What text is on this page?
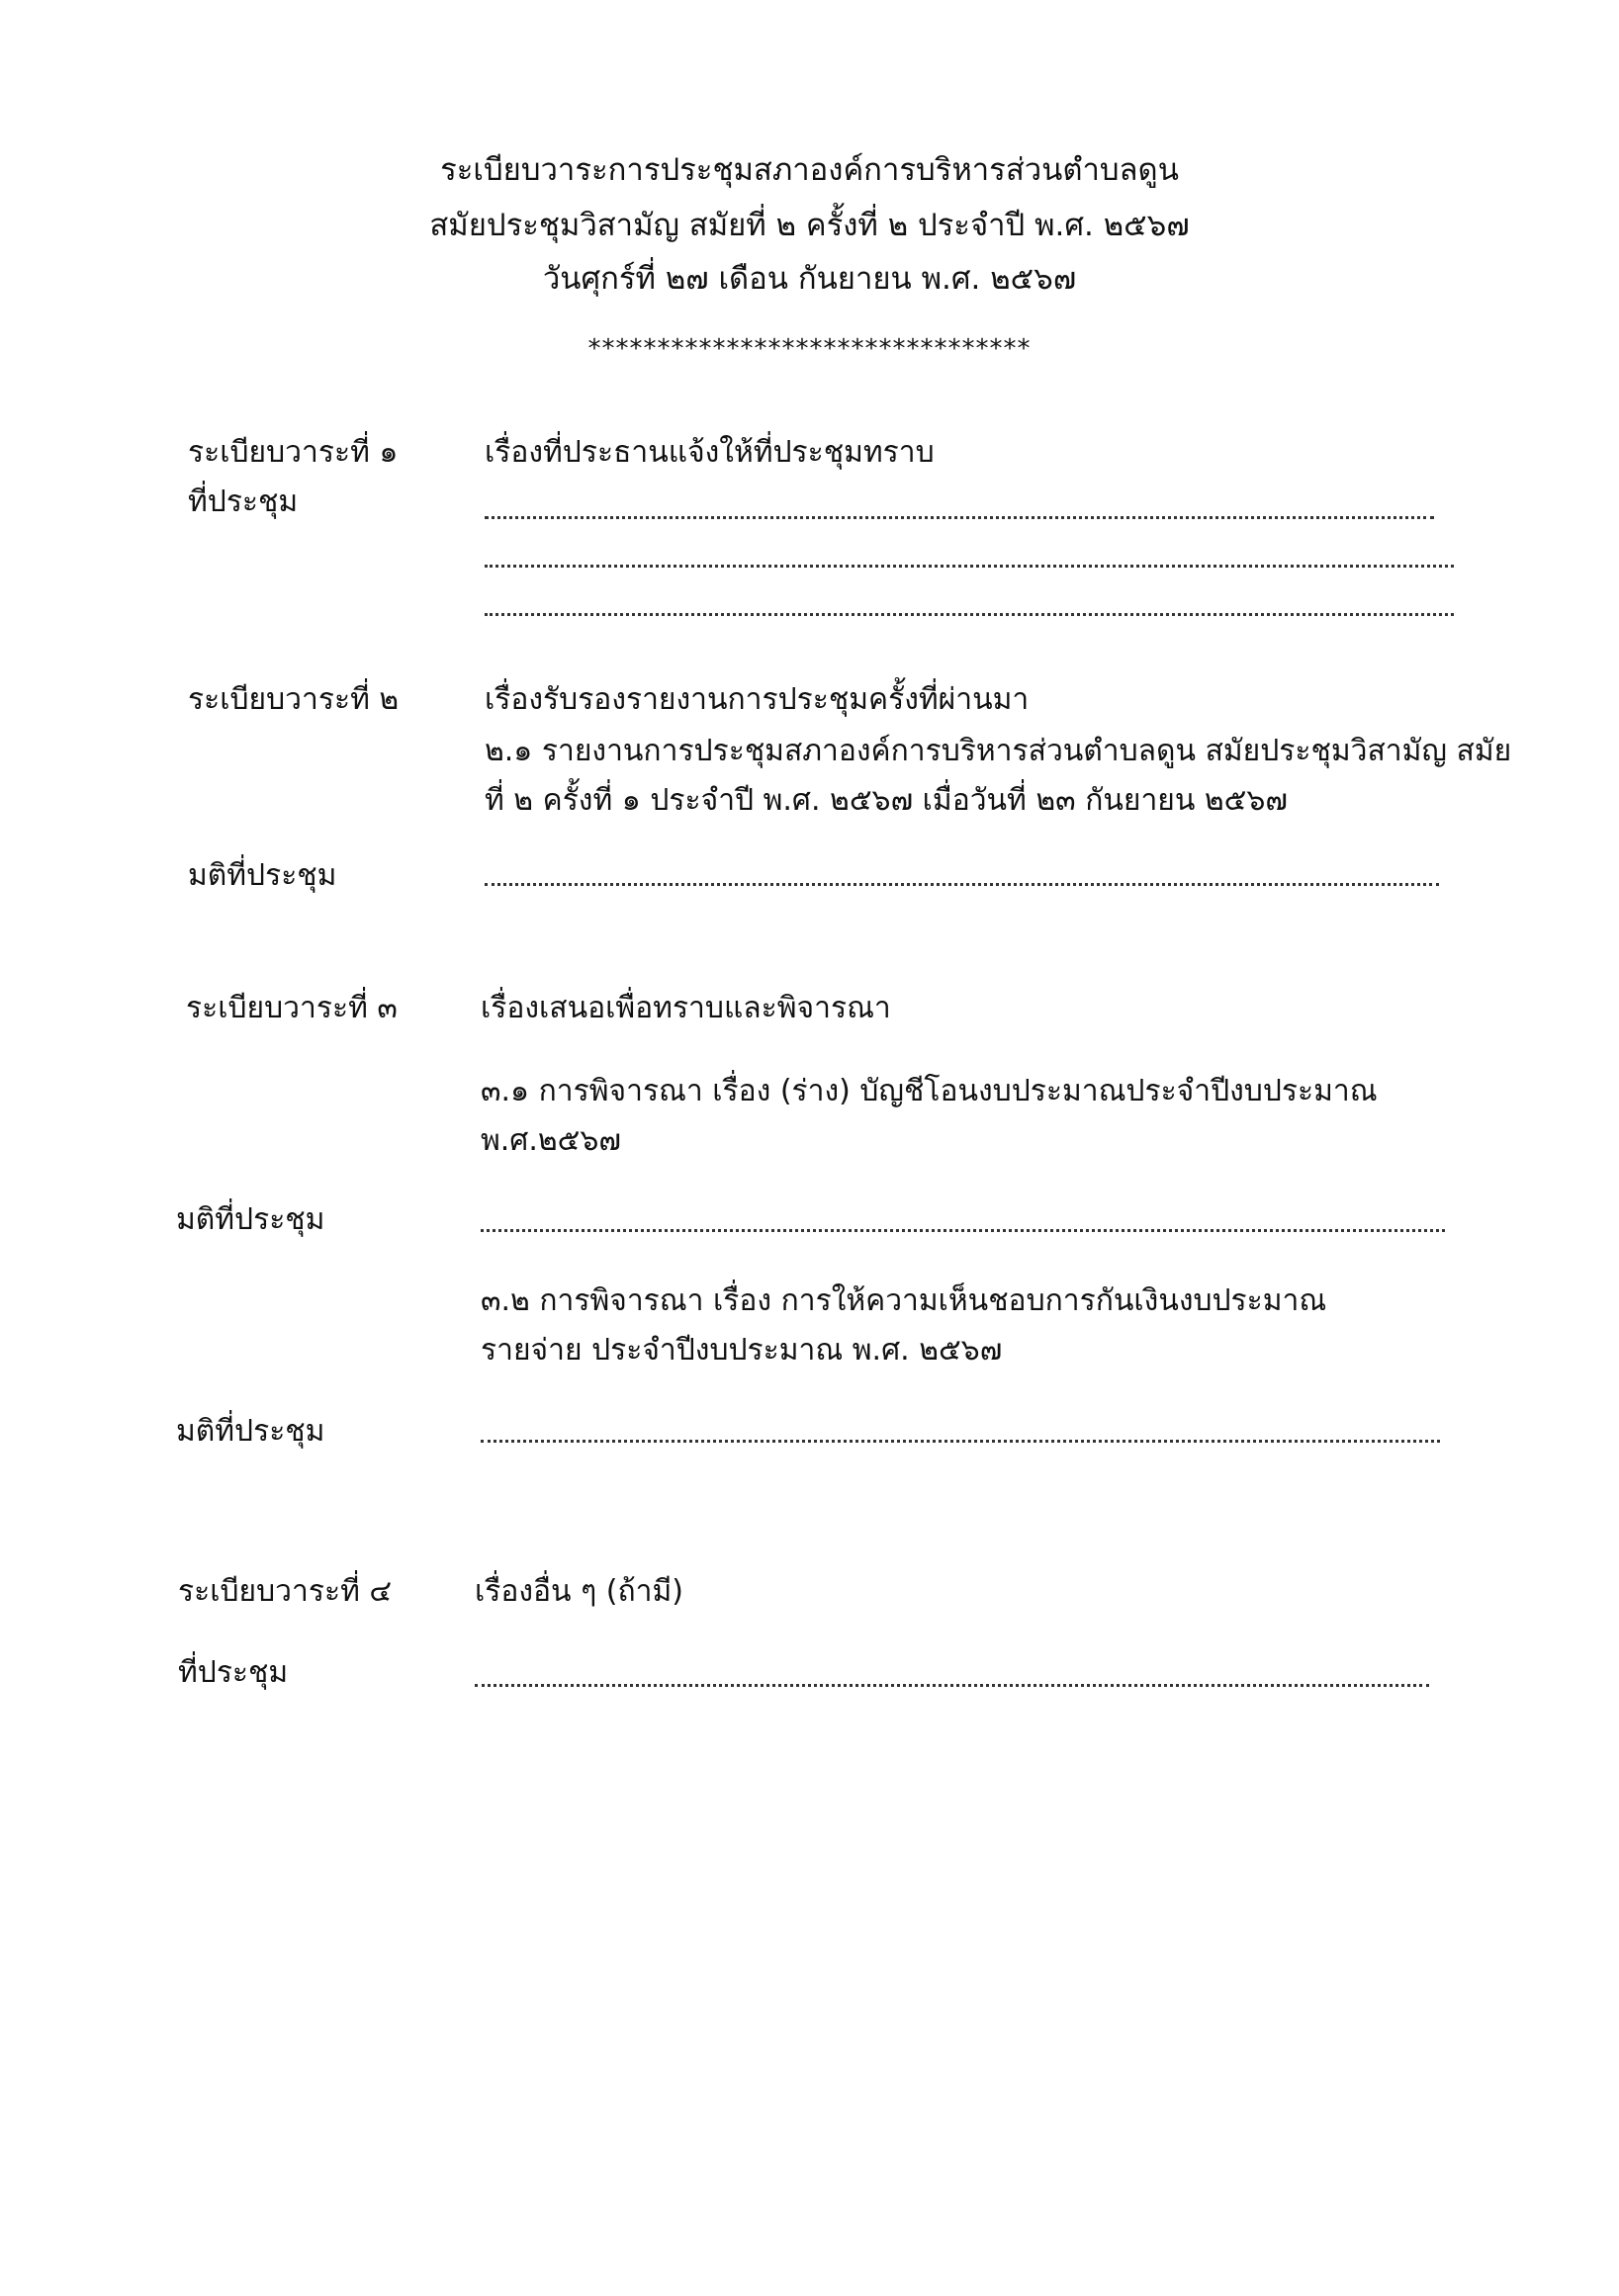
ระเบียบวาระการประชุมสภาองค์การบริหารส่วนตำบลดูน
สมัยประชุมวิสามัญ สมัยที่ ๒ ครั้งที่ ๒ ประจำปี พ.ศ. ๒๕๖๗
วันศุกร์ที่ ๒๗ เดือน กันยายน พ.ศ. ๒๕๖๗
********************************
ระเบียบวาระที่ ๑	เรื่องที่ประธานแจ้งให้ที่ประชุมทราบ
ที่ประชุม
ระเบียบวาระที่ ๒	เรื่องรับรองรายงานการประชุมครั้งที่ผ่านมา
๒.๑ รายงานการประชุมสภาองค์การบริหารส่วนตำบลดูน สมัยประชุมวิสามัญ สมัย
ที่ ๒ ครั้งที่ ๑ ประจำปี พ.ศ. ๒๕๖๗ เมื่อวันที่ ๒๓ กันยายน ๒๕๖๗
มติที่ประชุม
ระเบียบวาระที่ ๓	เรื่องเสนอเพื่อทราบและพิจารณา
๓.๑ การพิจารณา เรื่อง (ร่าง) บัญชีโอนงบประมาณประจำปีงบประมาณ
พ.ศ.๒๕๖๗
มติที่ประชุม
๓.๒ การพิจารณา เรื่อง การให้ความเห็นชอบการกันเงินงบประมาณ
รายจ่าย ประจำปีงบประมาณ พ.ศ. ๒๕๖๗
มติที่ประชุม
ระเบียบวาระที่ ๔	เรื่องอื่น ๆ (ถ้ามี)
ที่ประชุม
